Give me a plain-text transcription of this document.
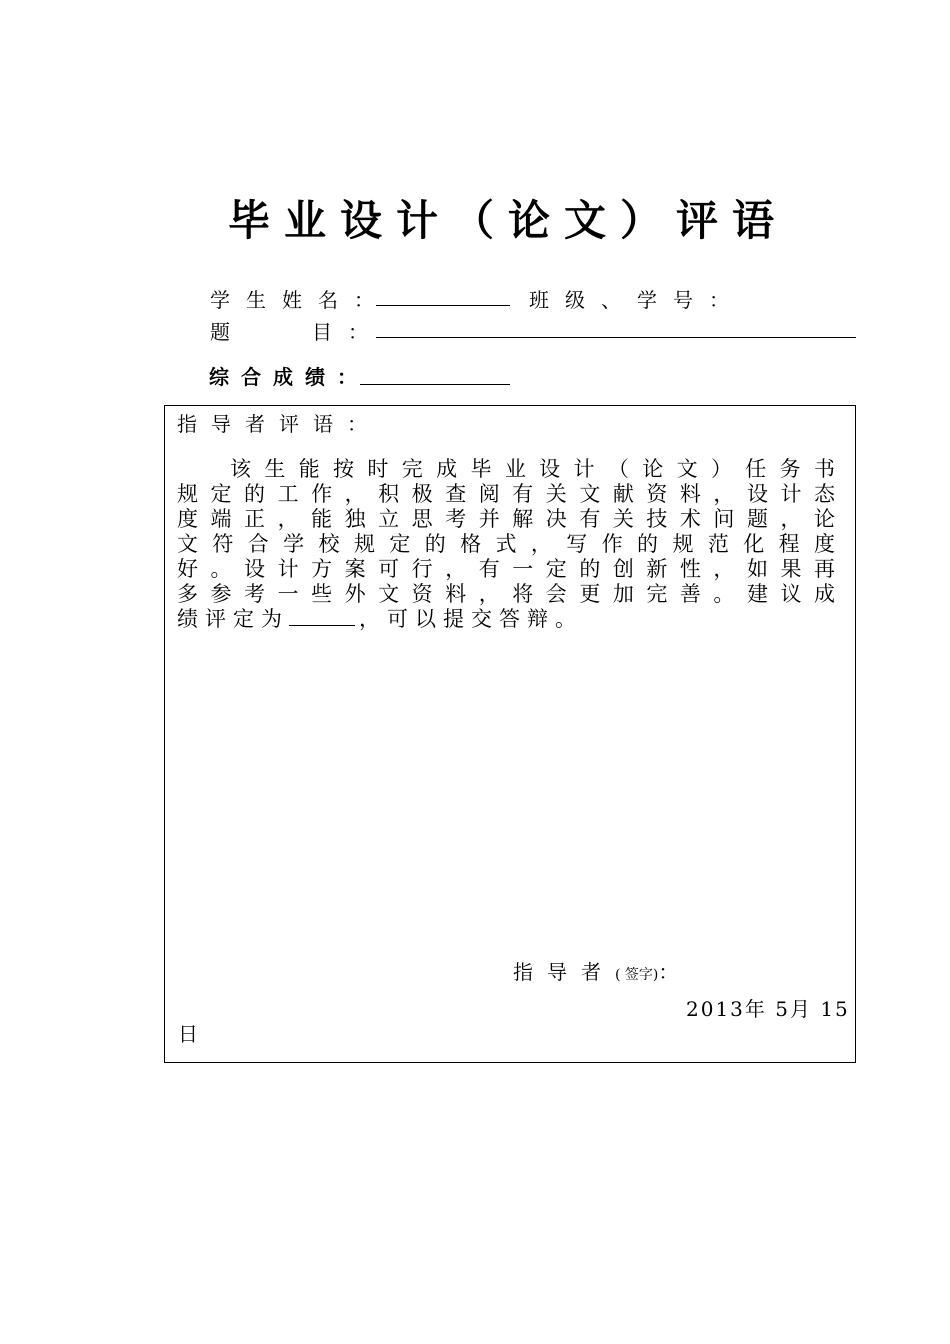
毕业设计（论文）评语
学生姓名：	班级、学号：
题	目：
综合成绩：
指导者评语：
该生能按时完成毕业设计（论文）任务书
规定的工作，积极查阅有关文献资料，设计态
度端正，能独立思考并解决有关技术问题，论
文符合学校规定的格式，写作的规范化程度
好。设计方案可行，有一定的创新性，如果再
多参考一些外文资料，将会更加完善。建议成
绩评定为	，可以提交答辩。
指导者( 签字)：
2013年 5月 15
日
